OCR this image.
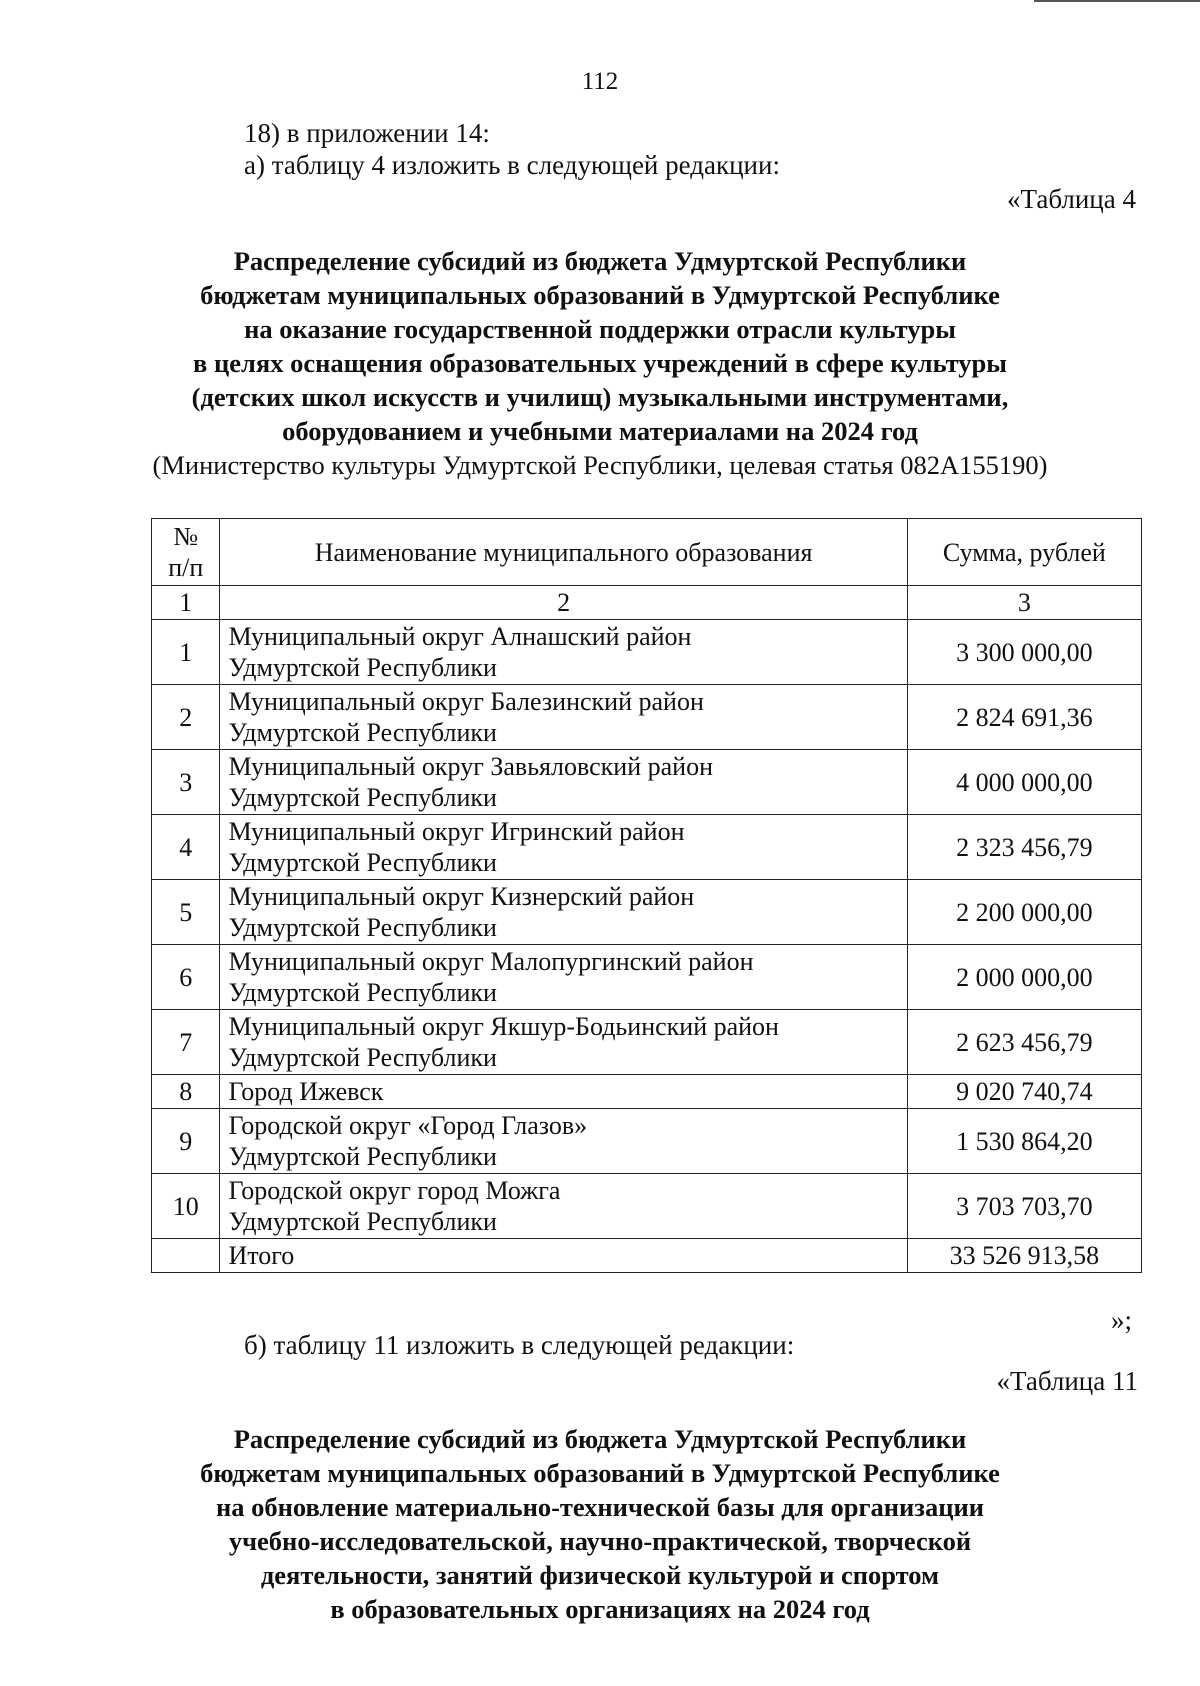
112
18) в приложении 14:
а) таблицу 4 изложить в следующей редакции:
«Таблица 4
Распределение субсидий из бюджета Удмуртской Республики
бюджетам муниципальных образований в Удмуртской Республике
на оказание государственной поддержки отрасли культуры
в целях оснащения образовательных учреждений в сфере культуры
(детских школ искусств и училищ) музыкальными инструментами,
оборудованием и учебными материалами на 2024 год
(Министерство культуры Удмуртской Республики, целевая статья 082А155190)
№
п/п	Наименование муниципального образования	Сумма, рублей
1	2	3
1	Муниципальный округ Алнашский район
Удмуртской Республики	3 300 000,00
2	Муниципальный округ Балезинский район
Удмуртской Республики	2 824 691,36
3	Муниципальный округ Завьяловский район
Удмуртской Республики	4 000 000,00
4	Муниципальный округ Игринский район
Удмуртской Республики	2 323 456,79
5	Муниципальный округ Кизнерский район
Удмуртской Республики	2 200 000,00
6	Муниципальный округ Малопургинский район
Удмуртской Республики	2 000 000,00
7	Муниципальный округ Якшур-Бодьинский район
Удмуртской Республики	2 623 456,79
8	Город Ижевск	9 020 740,74
9	Городской округ «Город Глазов»
Удмуртской Республики	1 530 864,20
10	Городской округ город Можга
Удмуртской Республики	3 703 703,70
	Итого	33 526 913,58
»;
б) таблицу 11 изложить в следующей редакции:
«Таблица 11
Распределение субсидий из бюджета Удмуртской Республики
бюджетам муниципальных образований в Удмуртской Республике
на обновление материально-технической базы для организации
учебно-исследовательской, научно-практической, творческой
деятельности, занятий физической культурой и спортом
в образовательных организациях на 2024 год
